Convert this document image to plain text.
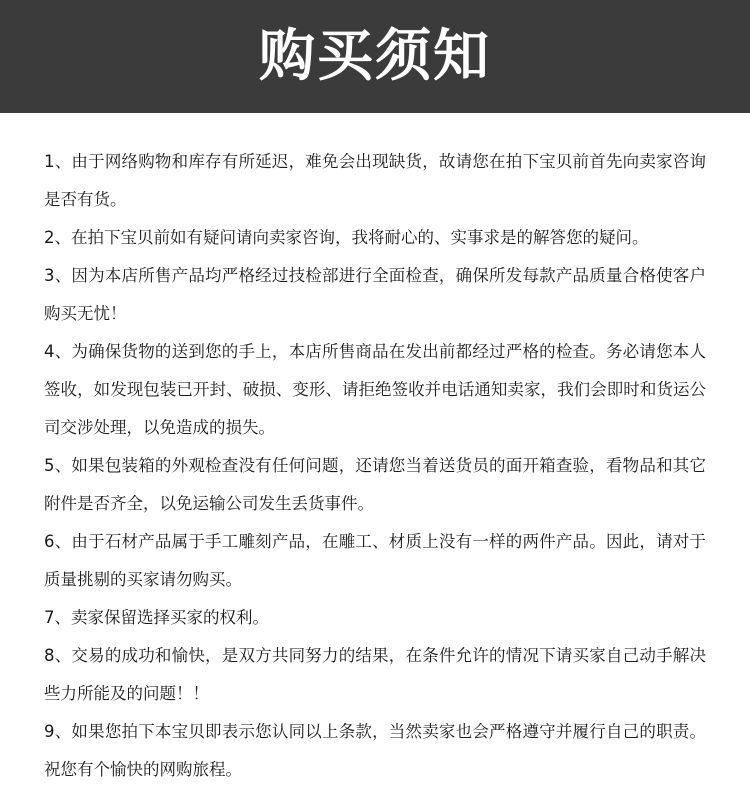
购买须知
1、由于网络购物和库存有所延迟，难免会出现缺货，故请您在拍下宝贝前首先向卖家咨询是否有货。
2、在拍下宝贝前如有疑问请向卖家咨询，我将耐心的、实事求是的解答您的疑问。
3、因为本店所售产品均严格经过技检部进行全面检查，确保所发每款产品质量合格使客户购买无忧！
4、为确保货物的送到您的手上，本店所售商品在发出前都经过严格的检查。务必请您本人签收，如发现包装已开封、破损、变形、请拒绝签收并电话通知卖家，我们会即时和货运公司交涉处理，以免造成的损失。
5、如果包装箱的外观检查没有任何问题，还请您当着送货员的面开箱查验，看物品和其它附件是否齐全，以免运输公司发生丢货事件。
6、由于石材产品属于手工雕刻产品，在雕工、材质上没有一样的两件产品。因此，请对于质量挑剔的买家请勿购买。
7、卖家保留选择买家的权利。
8、交易的成功和愉快，是双方共同努力的结果，在条件允许的情况下请买家自己动手解决些力所能及的问题！！
9、如果您拍下本宝贝即表示您认同以上条款，当然卖家也会严格遵守并履行自己的职责。祝您有个愉快的网购旅程。
